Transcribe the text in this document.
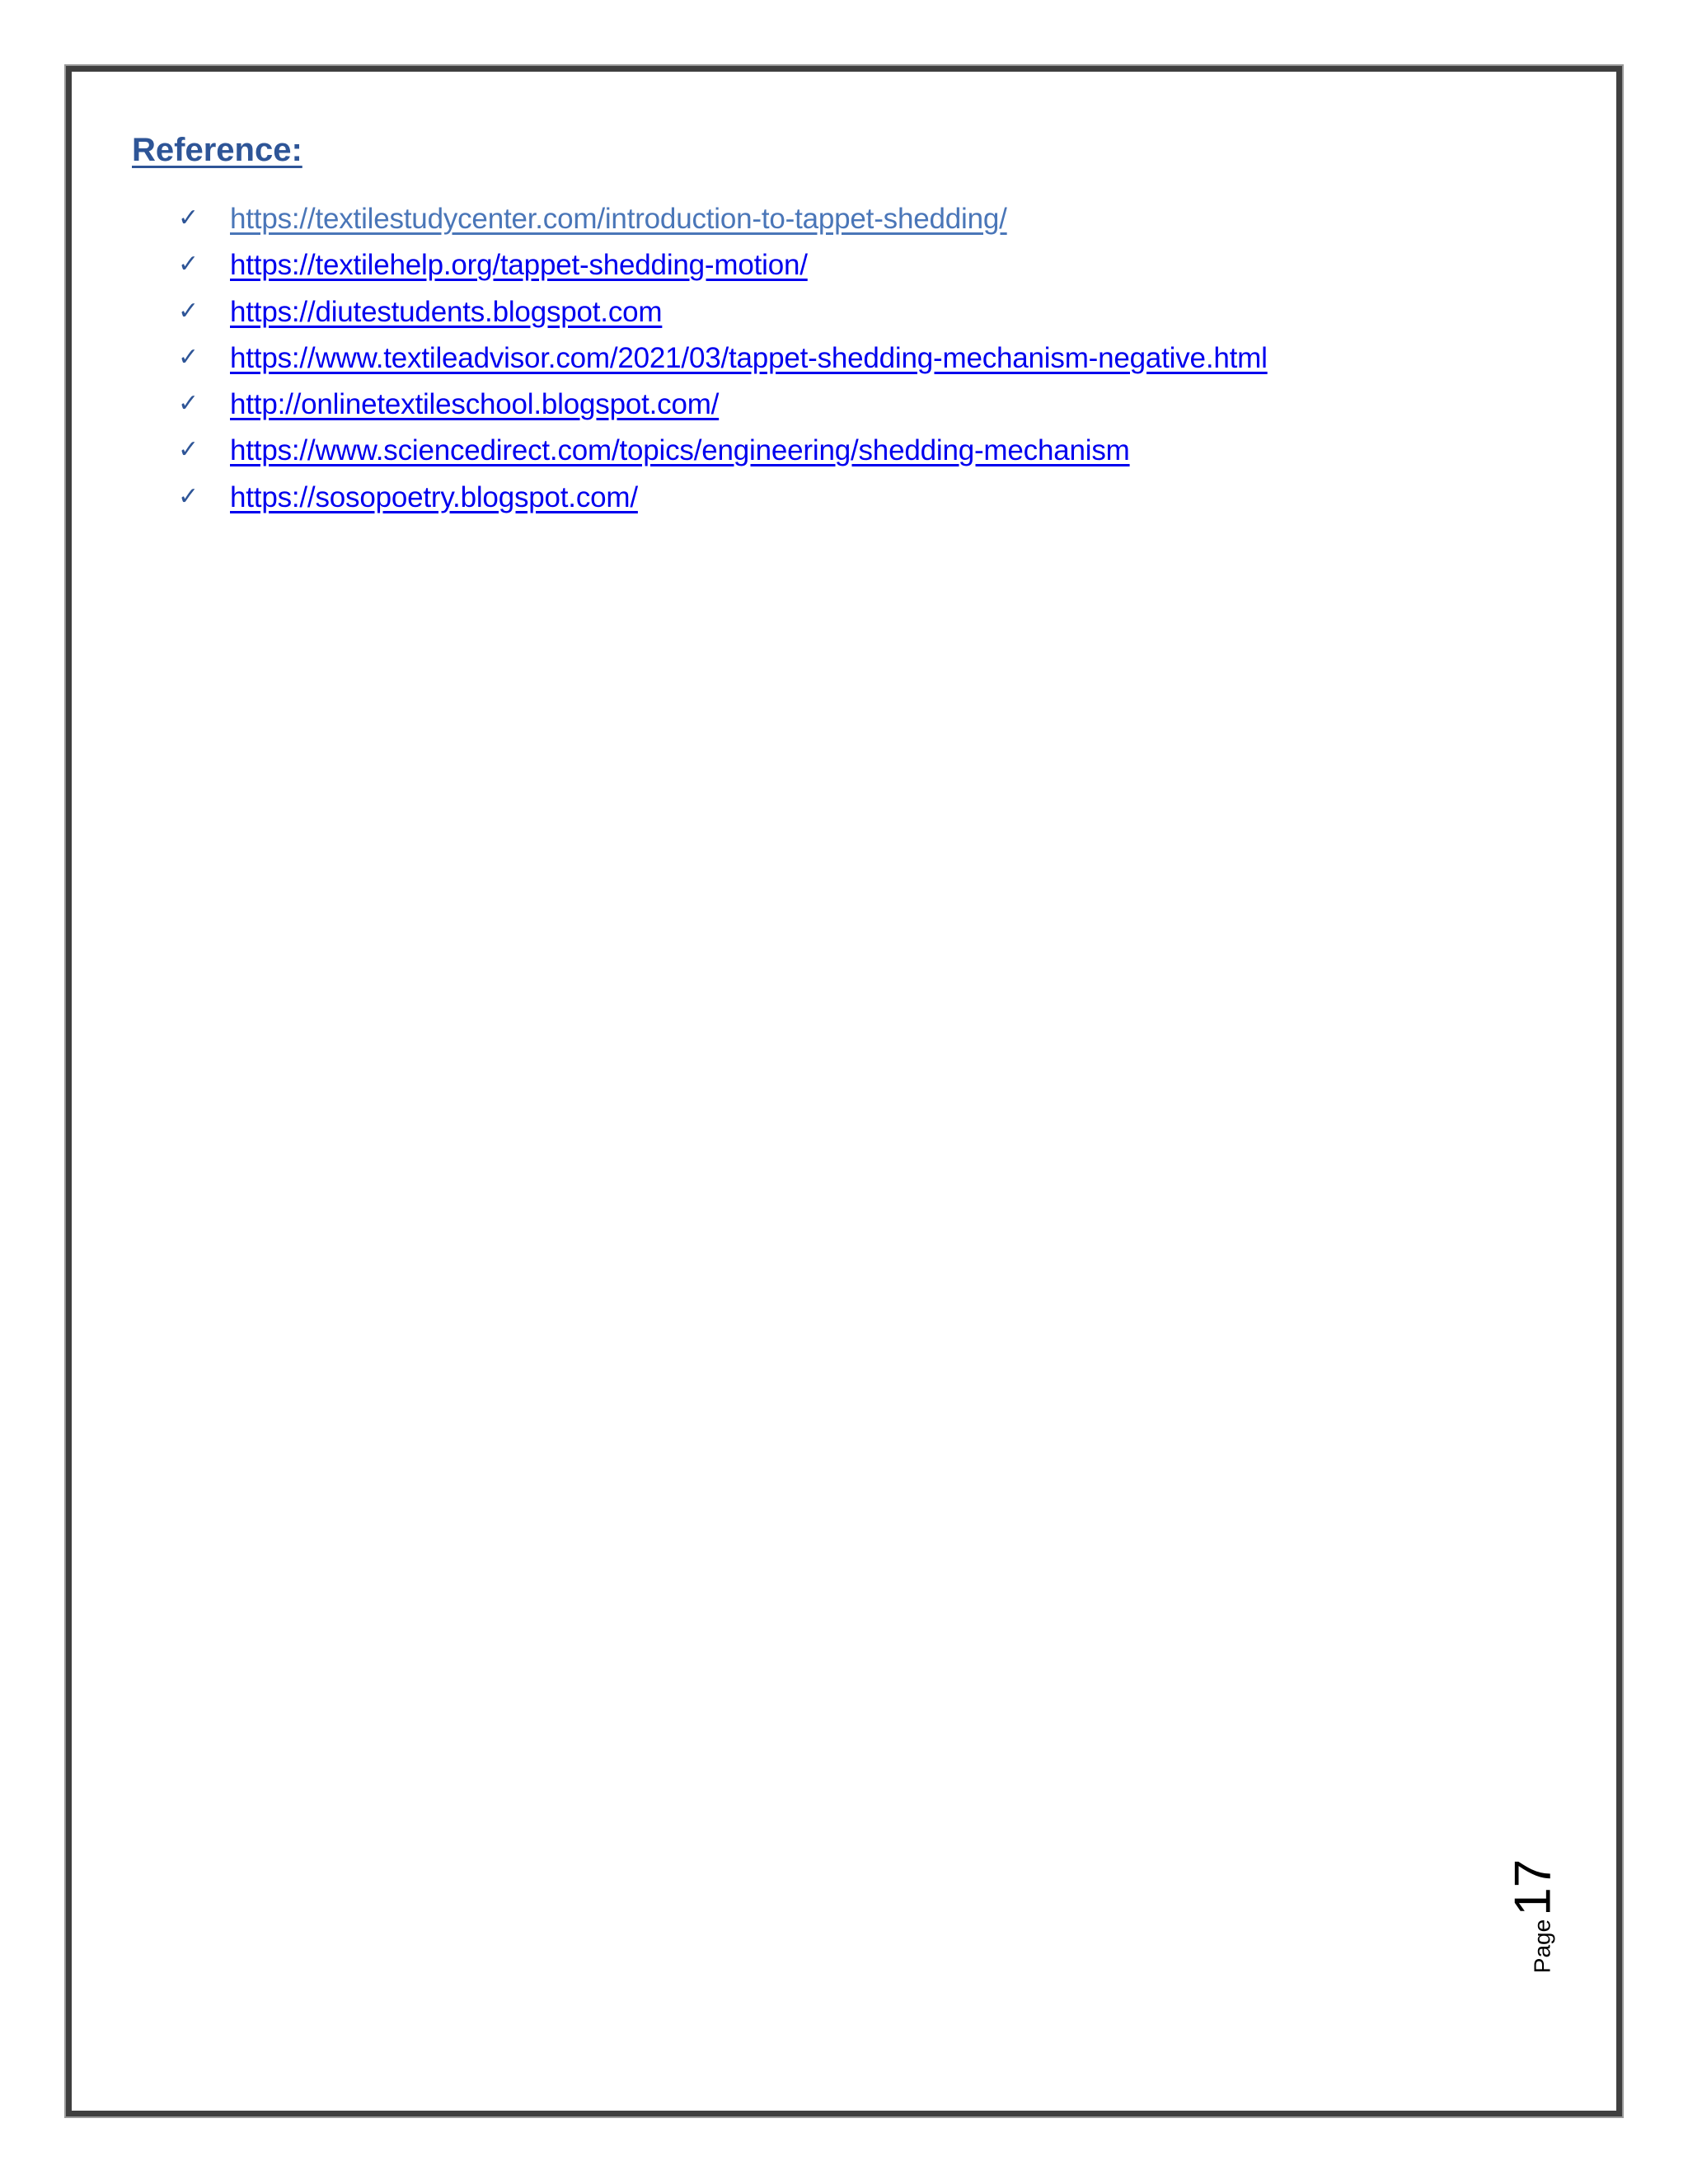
Reference:
✓ https://textilestudycenter.com/introduction-to-tappet-shedding/
✓ https://textilehelp.org/tappet-shedding-motion/
✓ https://diutestudents.blogspot.com
✓ https://www.textileadvisor.com/2021/03/tappet-shedding-mechanism-negative.html
✓ http://onlinetextileschool.blogspot.com/
✓ https://www.sciencedirect.com/topics/engineering/shedding-mechanism
✓ https://sosopoetry.blogspot.com/
Page
17
